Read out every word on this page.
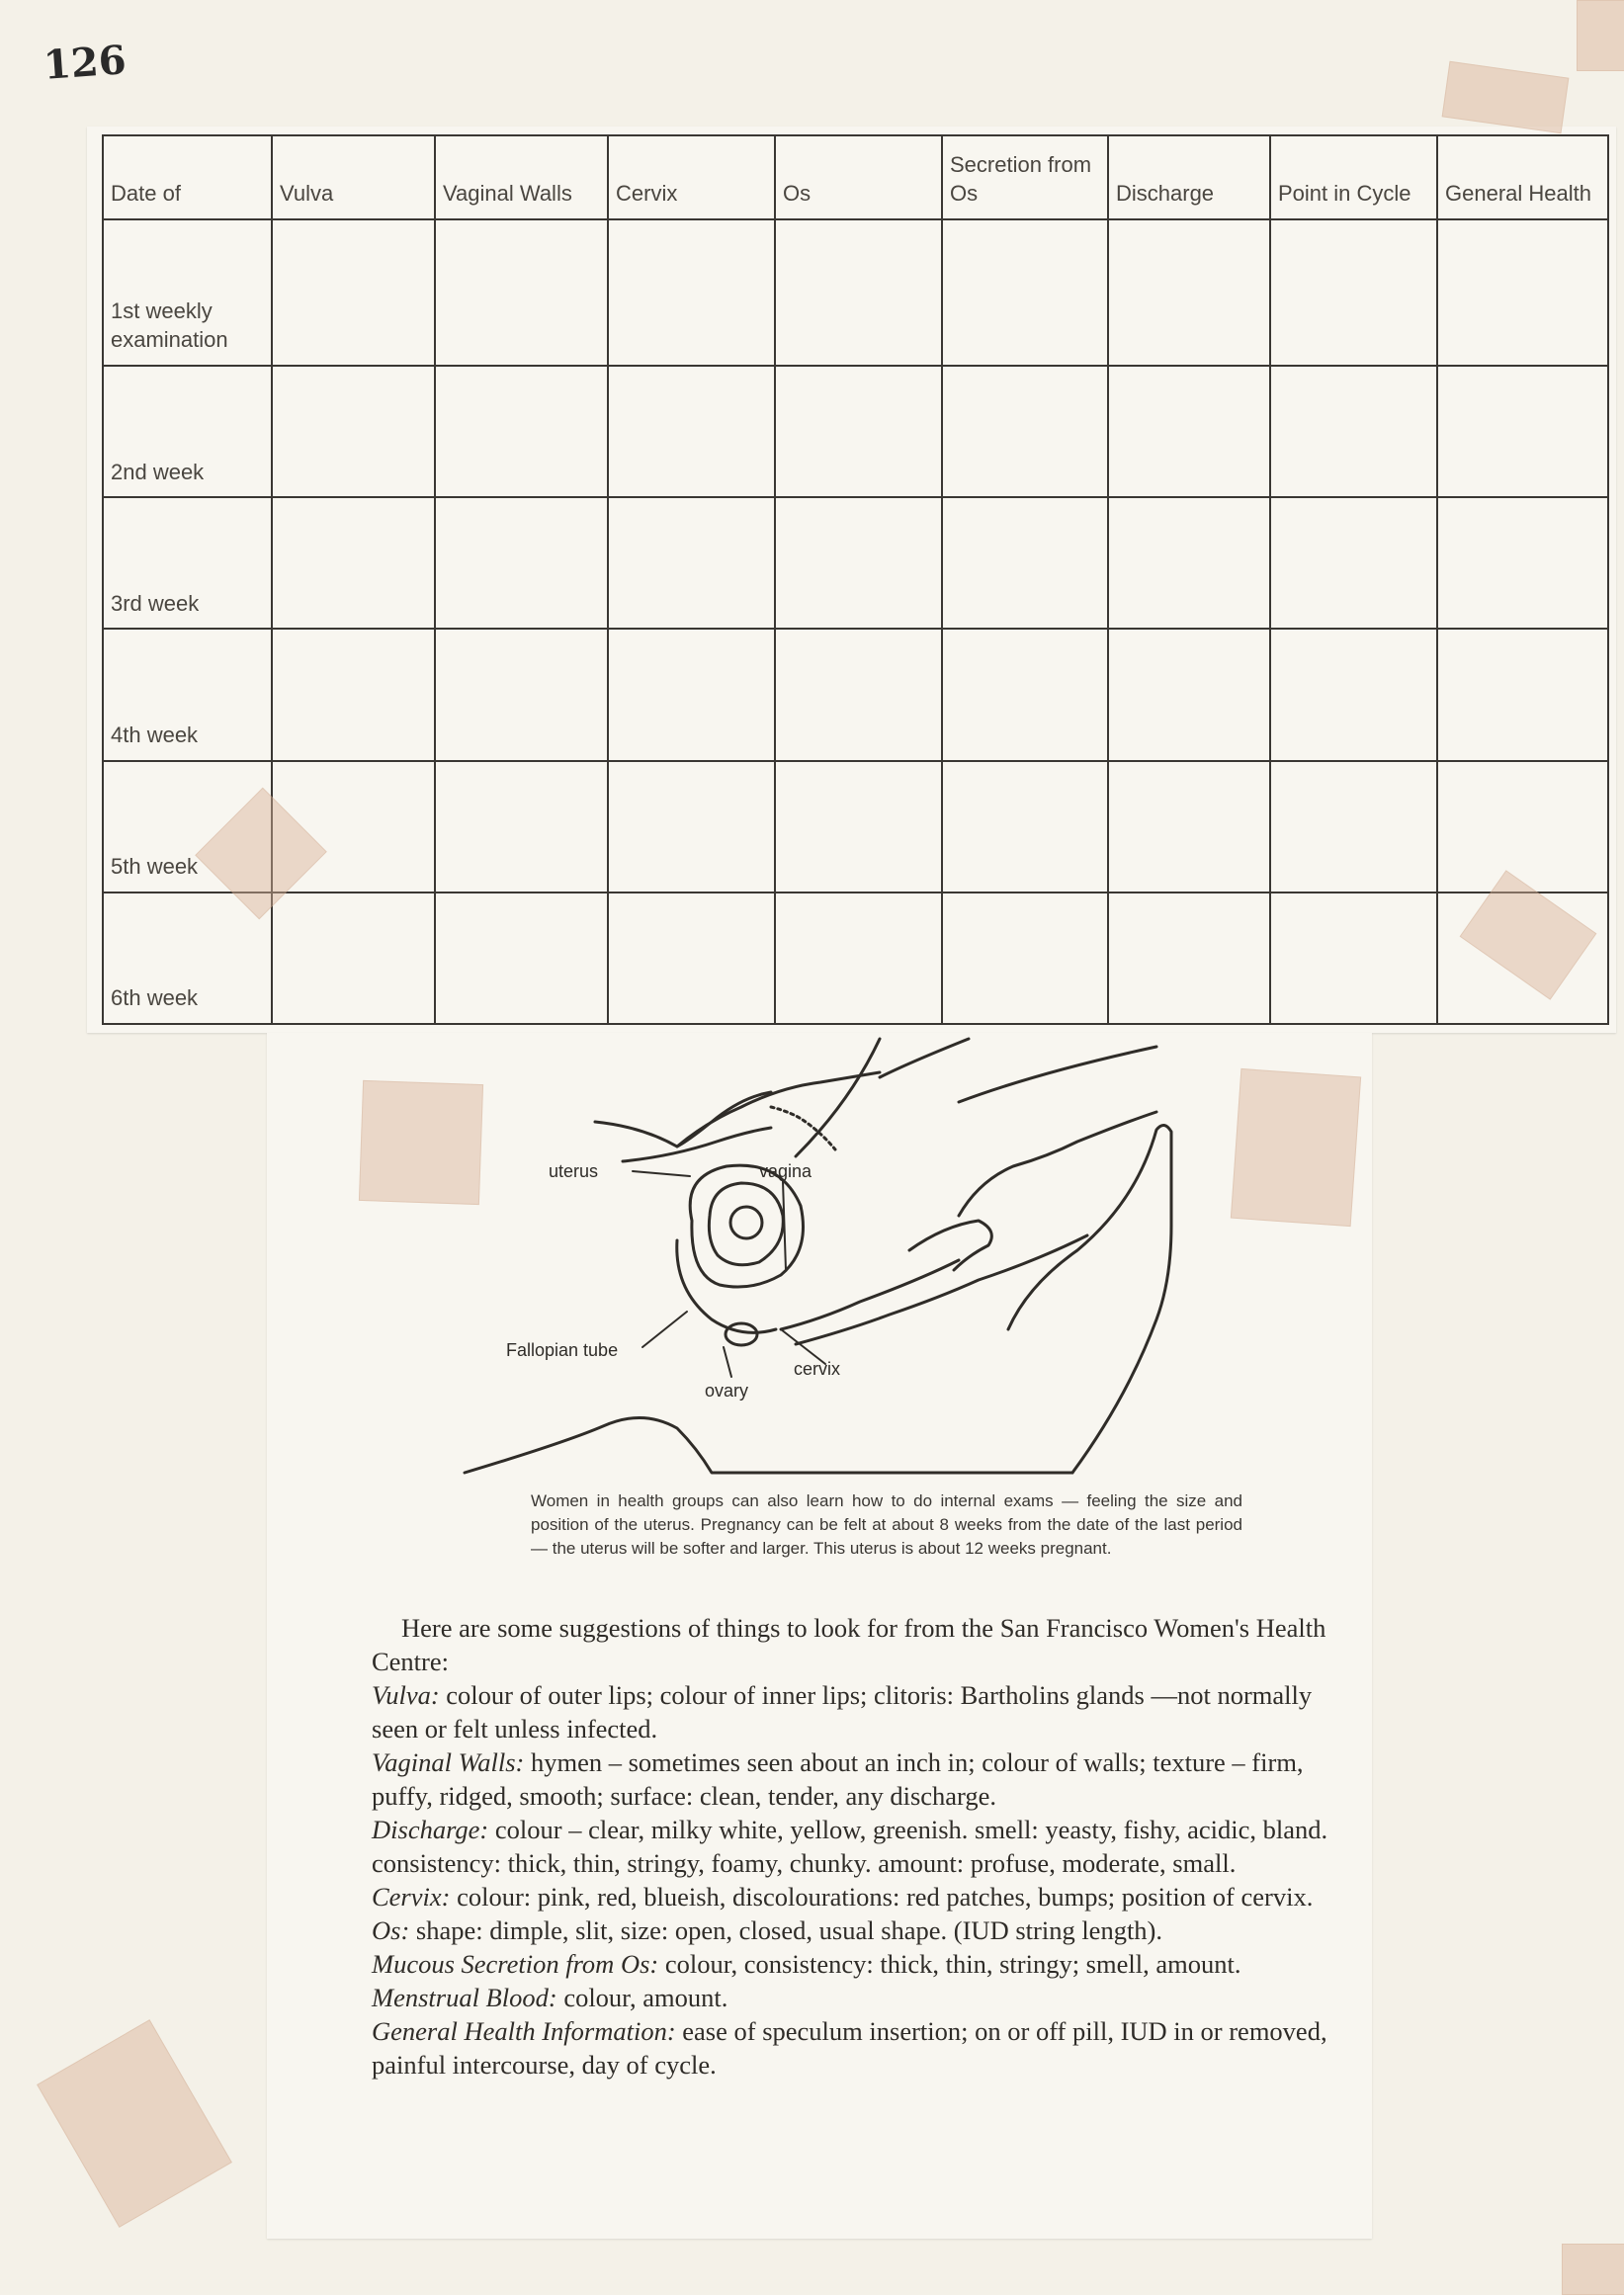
126
Date of	Vulva	Vaginal Walls	Cervix	Os	Secretion from Os	Discharge	Point in Cycle	General Health
1st weekly examination								
2nd week								
3rd week								
4th week								
5th week								
6th week								
uterus	vagina
Fallopian tube
cervix
ovary
Women in health groups can also learn how to do internal exams — feeling the size and position of the uterus. Pregnancy can be felt at about 8 weeks from the date of the last period — the uterus will be softer and larger. This uterus is about 12 weeks pregnant.

Here are some suggestions of things to look for from the San Francisco Women's Health Centre:

Vulva: colour of outer lips; colour of inner lips; clitoris: Bartholins glands —not normally seen or felt unless infected.

Vaginal Walls: hymen – sometimes seen about an inch in; colour of walls; texture – firm, puffy, ridged, smooth; surface: clean, tender, any discharge.

Discharge: colour – clear, milky white, yellow, greenish. smell: yeasty, fishy, acidic, bland. consistency: thick, thin, stringy, foamy, chunky. amount: profuse, moderate, small.

Cervix: colour: pink, red, blueish, discolourations: red patches, bumps; position of cervix.

Os: shape: dimple, slit, size: open, closed, usual shape. (IUD string length).

Mucous Secretion from Os: colour, consistency: thick, thin, stringy; smell, amount.

Menstrual Blood: colour, amount.

General Health Information: ease of speculum insertion; on or off pill, IUD in or removed, painful intercourse, day of cycle.
